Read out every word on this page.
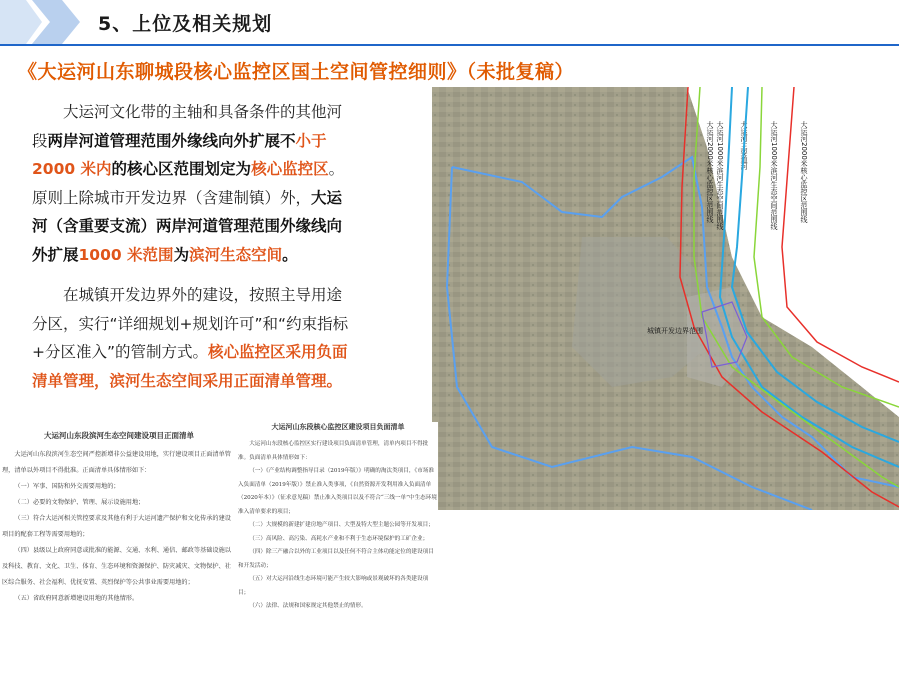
5、上位及相关规划
《大运河山东聊城段核心监控区国土空间管控细则》（未批复稿）
大运河文化带的主轴和具备条件的其他河段两岸河道管理范围外缘线向外扩展不小于2000 米内的核心区范围划定为核心监控区。原则上除城市开发边界（含建制镇）外，大运河（含重要支流）两岸河道管理范围外缘线向外扩展1000 米范围为滨河生态空间。
在城镇开发边界外的建设，按照主导用途分区，实行“详细规划+规划许可”和“约束指标+分区准入”的管制方式。核心监控区采用负面清单管理，滨河生态空间采用正面清单管理。
大运河2000米核心监控区范围线 大运河1000米滨河生态空间范围线 大运河主要道河	大运河1000米滨河生态空间范围线	大运河2000米核心监控区范围线
城镇开发边界范围
大运河山东段滨河生态空间建设项目正面清单

大运河山东段滨河生态空间严控新增非公益建设用地，实行建设项目正面清单管理，清单以外项目不得批准。正面清单具体情形如下：

（一）军事、国防和外交需要用地的；

（二）必要的文物保护、管理、展示设施用地；

（三）符合大运河相关管控要求及其他有利于大运河遗产保护和文化传承的建设项目的配套工程等需要用地的；

（四）县级以上政府同意或批准的能源、交通、水利、通信、邮政等基础设施以及科技、教育、文化、卫生、体育、生态环境和资源保护、防灾减灾、文物保护、社区综合服务、社会福利、优抚安置、英烈保护等公共事业需要用地的；

（五）省政府同意新增建设用地的其他情形。

大运河山东段核心监控区建设项目负面清单

大运河山东段核心监控区实行建设项目负面清单管理，清单内项目不得批准。负面清单具体情形如下：

（一）《产业结构调整指导目录（2019年版）》明确的淘汰类项目，《市场准入负面清单（2019年版）》禁止准入类事项，《自然资源开发利用准入负面清单（2020年本）》（征求意见稿）禁止准入类项目以及不符合“三线一单”中生态环境准入清单要求的项目；

（二）大规模的新建扩建房地产项目、大型及特大型主题公园等开发项目；

（三）高风险、高污染、高耗水产业和不利于生态环境保护的工矿企业；

（四）除三产融合以外的工业项目以及任何不符合主体功能定位的建设项目和开发活动；

（五）对大运河沿线生态环境可能产生较大影响或景观破坏的各类建设项目；

（六）法律、法规和国家规定其他禁止的情形。
